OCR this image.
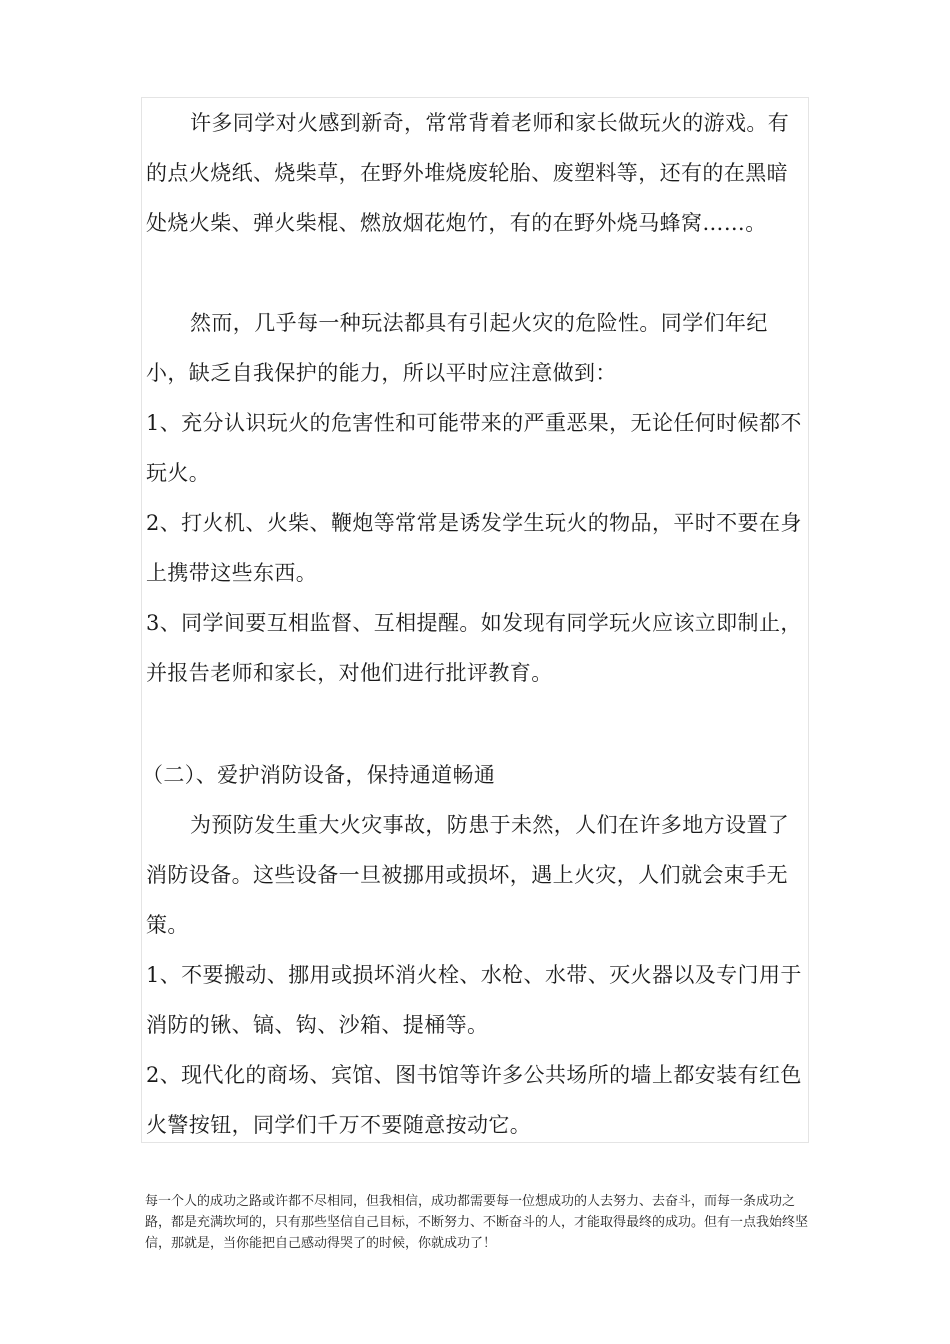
许多同学对火感到新奇，常常背着老师和家长做玩火的游戏。有的点火烧纸、烧柴草，在野外堆烧废轮胎、废塑料等，还有的在黑暗处烧火柴、弹火柴棍、燃放烟花炮竹，有的在野外烧马蜂窝……。

然而，几乎每一种玩法都具有引起火灾的危险性。同学们年纪小，缺乏自我保护的能力，所以平时应注意做到：

1、充分认识玩火的危害性和可能带来的严重恶果，无论任何时候都不玩火。

2、打火机、火柴、鞭炮等常常是诱发学生玩火的物品，平时不要在身上携带这些东西。

3、同学间要互相监督、互相提醒。如发现有同学玩火应该立即制止，并报告老师和家长，对他们进行批评教育。

（二）、爱护消防设备，保持通道畅通

为预防发生重大火灾事故，防患于未然，人们在许多地方设置了消防设备。这些设备一旦被挪用或损坏，遇上火灾，人们就会束手无策。

1、不要搬动、挪用或损坏消火栓、水枪、水带、灭火器以及专门用于消防的锹、镐、钩、沙箱、提桶等。

2、现代化的商场、宾馆、图书馆等许多公共场所的墙上都安装有红色火警按钮，同学们千万不要随意按动它。

每一个人的成功之路或许都不尽相同，但我相信，成功都需要每一位想成功的人去努力、去奋斗，而每一条成功之路，都是充满坎坷的，只有那些坚信自己目标，不断努力、不断奋斗的人，才能取得最终的成功。但有一点我始终坚信，那就是，当你能把自己感动得哭了的时候，你就成功了！
